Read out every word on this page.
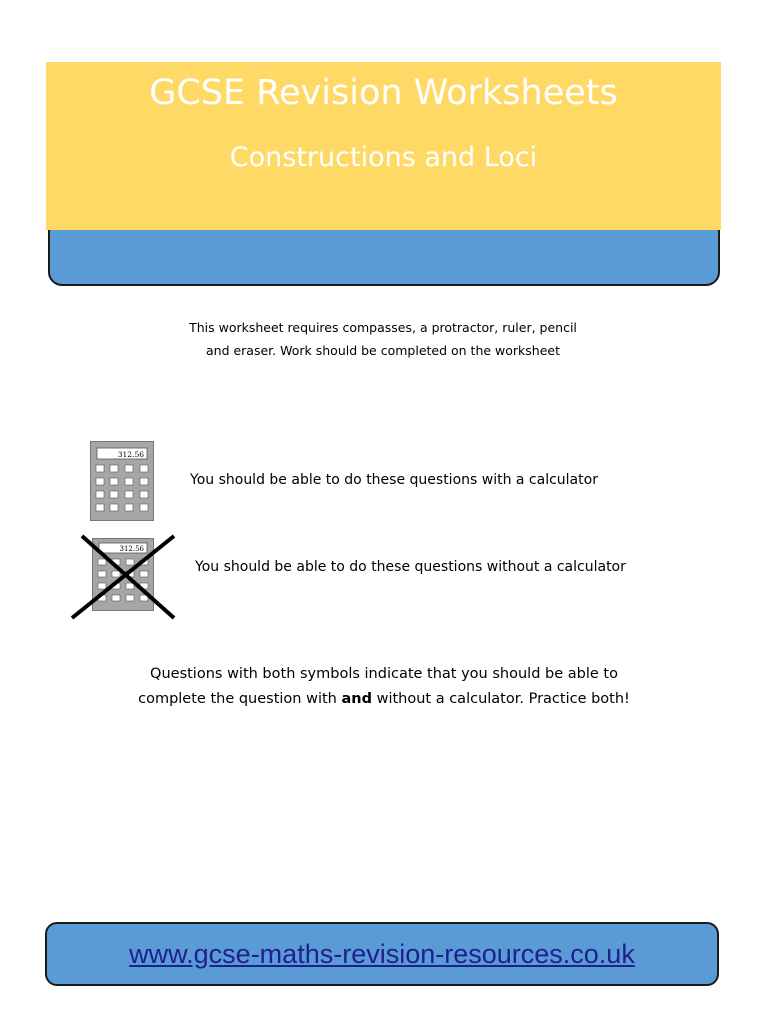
GCSE Revision Worksheets
Constructions and Loci
This worksheet requires compasses, a protractor, ruler, pencil
and eraser. Work should be completed on the worksheet
312.56
You should be able to do these questions with a calculator
312.56
You should be able to do these questions without a calculator
Questions with both symbols indicate that you should be able to
complete the question with and without a calculator. Practice both!
www.gcse-maths-revision-resources.co.uk
